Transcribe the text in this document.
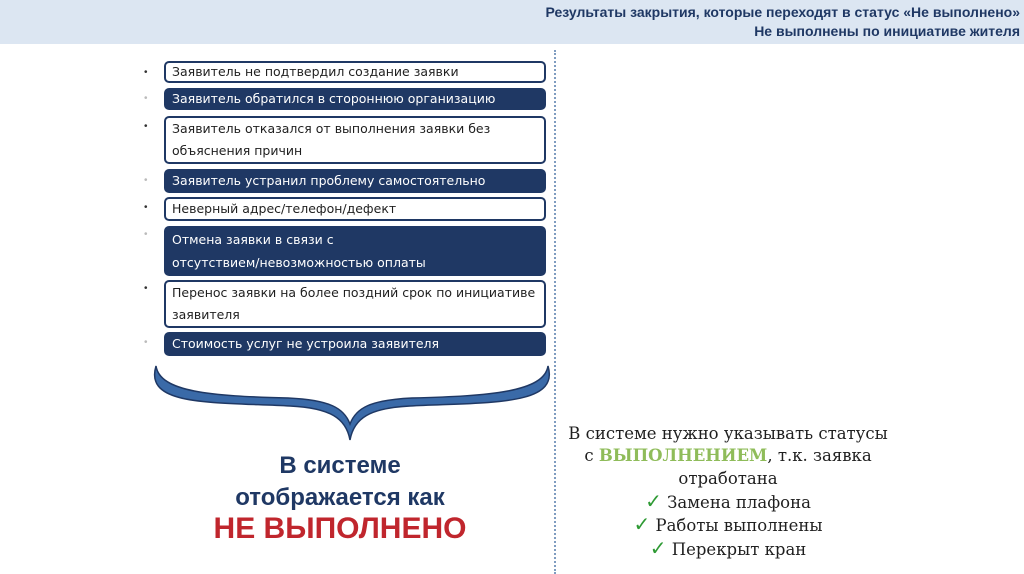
Результаты закрытия, которые переходят в статус «Не выполнено»
Не выполнены по инициативе жителя
•
•
•
•
•
•
•
•
Заявитель не подтвердил создание заявки
Заявитель обратился в стороннюю организацию
Заявитель отказался от выполнения заявки без
объяснения причин
Заявитель устранил проблему самостоятельно
Неверный адрес/телефон/дефект
Отмена заявки в связи с
отсутствием/невозможностью оплаты
Перенос заявки на более поздний срок по инициативе
заявителя
Стоимость услуг не устроила заявителя
В системе
отображается как
НЕ ВЫПОЛНЕНО
В системе нужно указывать статусы
с ВЫПОЛНЕНИЕМ, т.к. заявка
отработана
✓ Замена плафона
✓ Работы выполнены
✓ Перекрыт кран
